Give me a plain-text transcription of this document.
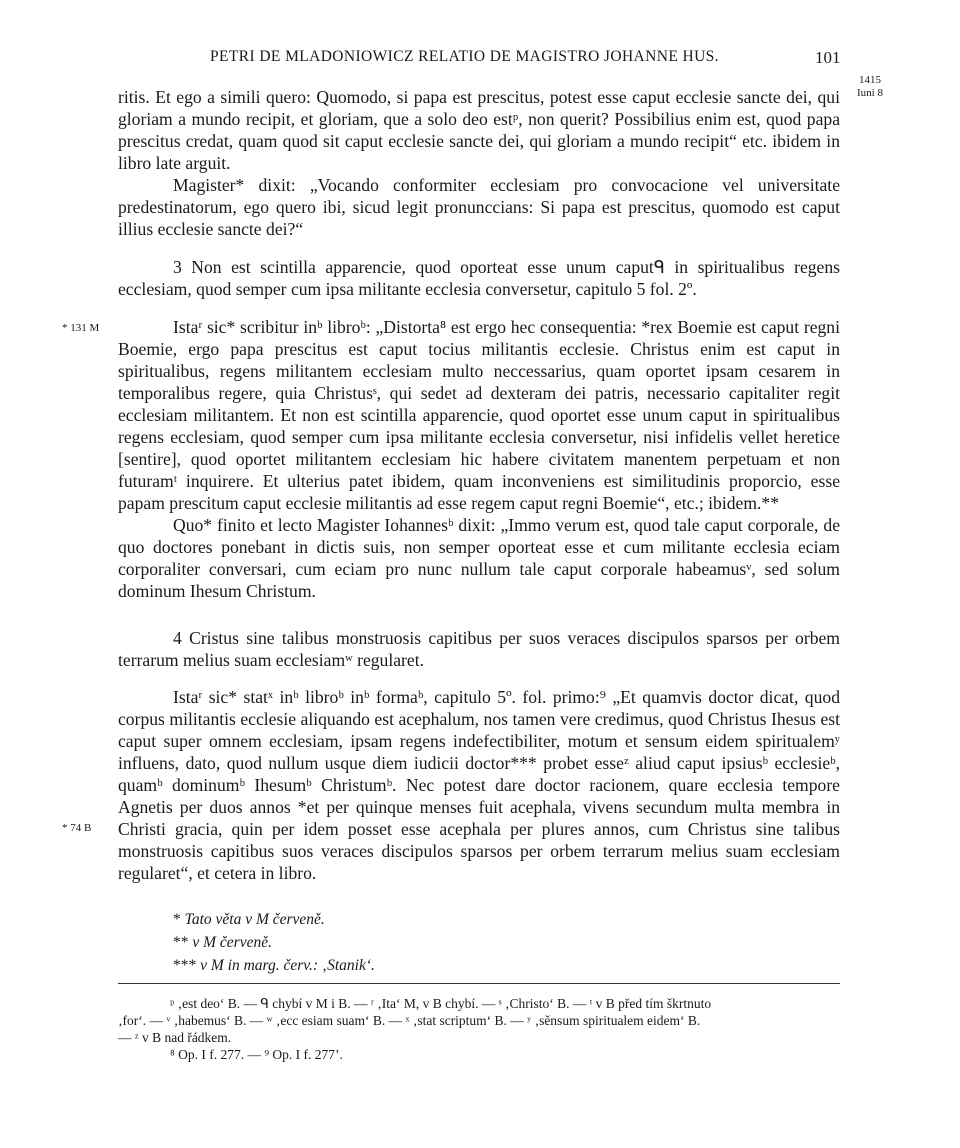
PETRI DE MLADONIOWICZ RELATIO DE MAGISTRO JOHANNE HUS.	101
1415
Iuni 8
* 131 M
* 74 B

ritis. Et ego a simili quero: Quomodo, si papa est prescitus, potest esse caput ecclesie sancte dei, qui gloriam a mundo recipit, et gloriam, que a solo deo estᵖ, non querit? Possibilius enim est, quod papa prescitus credat, quam quod sit caput ecclesie sancte dei, qui gloriam a mundo recipit“ etc. ibidem in libro late arguit.

Magister* dixit: „Vocando conformiter ecclesiam pro convocacione vel universitate predestinatorum, ego quero ibi, sicud legit pronunccians: Si papa est prescitus, quomodo est caput illius ecclesie sancte dei?“

3 Non est scintilla apparencie, quod oporteat esse unum caputᑫ in spiritualibus regens ecclesiam, quod semper cum ipsa militante ecclesia conversetur, capitulo 5 fol. 2º.

Istaʳ sic* scribitur inᵇ libroᵇ: „Distorta⁸ est ergo hec consequentia: *rex Boemie est caput regni Boemie, ergo papa prescitus est caput tocius militantis ecclesie. Christus enim est caput in spiritualibus, regens militantem ecclesiam multo neccessarius, quam oportet ipsam cesarem in temporalibus regere, quia Christusˢ, qui sedet ad dexteram dei patris, necessario capitaliter regit ecclesiam militantem. Et non est scintilla apparencie, quod oportet esse unum caput in spiritualibus regens ecclesiam, quod semper cum ipsa militante ecclesia conversetur, nisi infidelis vellet heretice [sentire], quod oportet militantem ecclesiam hic habere civitatem manentem perpetuam et non futuramᵗ inquirere. Et ulterius patet ibidem, quam inconveniens est similitudinis proporcio, esse papam prescitum caput ecclesie militantis ad esse regem caput regni Boemie“, etc.; ibidem.**

Quo* finito et lecto Magister Iohannesᵇ dixit: „Immo verum est, quod tale caput corporale, de quo doctores ponebant in dictis suis, non semper oporteat esse et cum militante ecclesia eciam corporaliter conversari, cum eciam pro nunc nullum tale caput corporale habeamusᵛ, sed solum dominum Ihesum Christum.

4 Cristus sine talibus monstruosis capitibus per suos veraces discipulos sparsos per orbem terrarum melius suam ecclesiamʷ regularet.

Istaʳ sic* statˣ inᵇ libroᵇ inᵇ formaᵇ, capitulo 5º. fol. primo:⁹ „Et quamvis doctor dicat, quod corpus militantis ecclesie aliquando est acephalum, nos tamen vere credimus, quod Christus Ihesus est caput super omnem ecclesiam, ipsam regens indefectibiliter, motum et sensum eidem spiritualemʸ influens, dato, quod nullum usque diem iudicii doctor*** probet esseᶻ aliud caput ipsiusᵇ ecclesieᵇ, quamᵇ dominumᵇ Ihesumᵇ Christumᵇ. Nec potest dare doctor racionem, quare ecclesia tempore Agnetis per duos annos *et per quinque menses fuit acephala, vivens secundum multa membra in Christi gracia, quin per idem posset esse acephala per plures annos, cum Christus sine talibus monstruosis capitibus suos veraces discipulos sparsos per orbem terrarum melius suam ecclesiam regularet“, et cetera in libro.

* Tato věta v M červeně.
** v M červeně.
*** v M in marg. červ.: ‚Stanik‘.

ᵖ ‚est deo‘ B. — ᑫ chybí v M i B. — ʳ ‚Ita‘ M, v B chybí. — ˢ ‚Christo‘ B. — ᵗ v B před tím škrtnuto

‚for‘. — ᵛ ‚habemus‘ B. — ʷ ‚ecc esiam suam‘ B. — ˣ ‚stat scriptum‘ B. — ʸ ‚sěnsum spiritualem eidem‘ B.

— ᶻ v B nad řádkem.

⁸ Op. I f. 277. — ⁹ Op. I f. 277’.
